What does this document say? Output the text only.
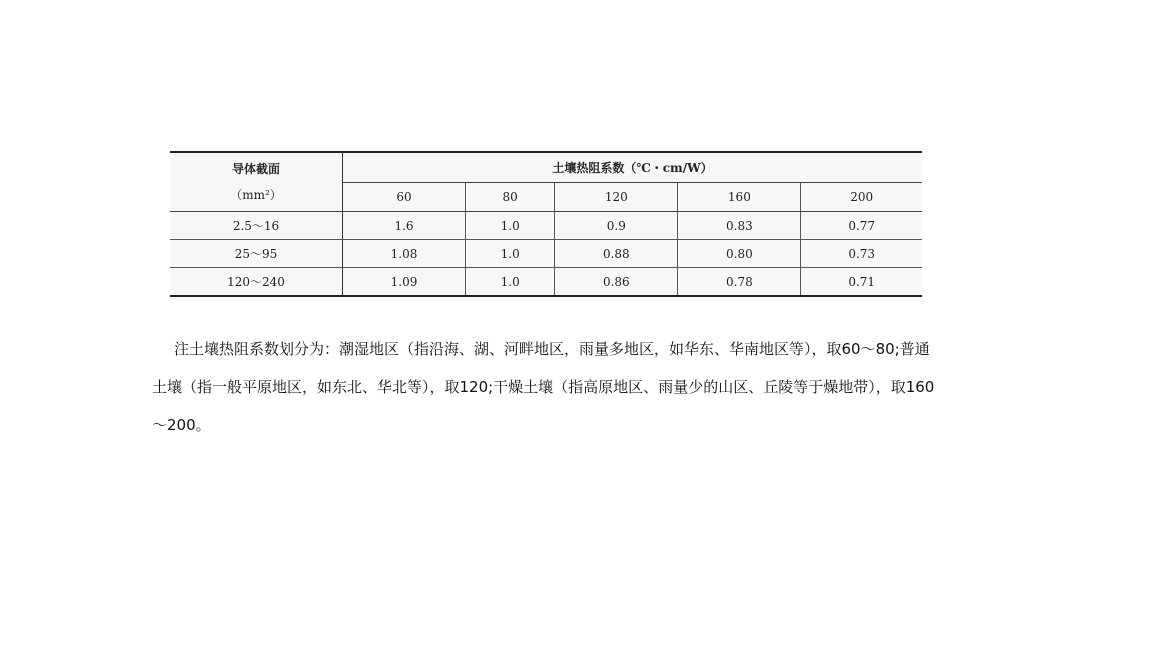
导体截面
（mm²）	土壤热阻系数（℃・cm/W）				
	60	80	120	160	200
2.5～16	1.6	1.0	0.9	0.83	0.77
25～95	1.08	1.0	0.88	0.80	0.73
120～240	1.09	1.0	0.86	0.78	0.71

注土壤热阻系数划分为：潮湿地区（指沿海、湖、河畔地区，雨量多地区，如华东、华南地区等），取60～80;普通土壤（指一般平原地区，如东北、华北等），取120;干燥土壤（指高原地区、雨量少的山区、丘陵等于燥地带），取160～200。
